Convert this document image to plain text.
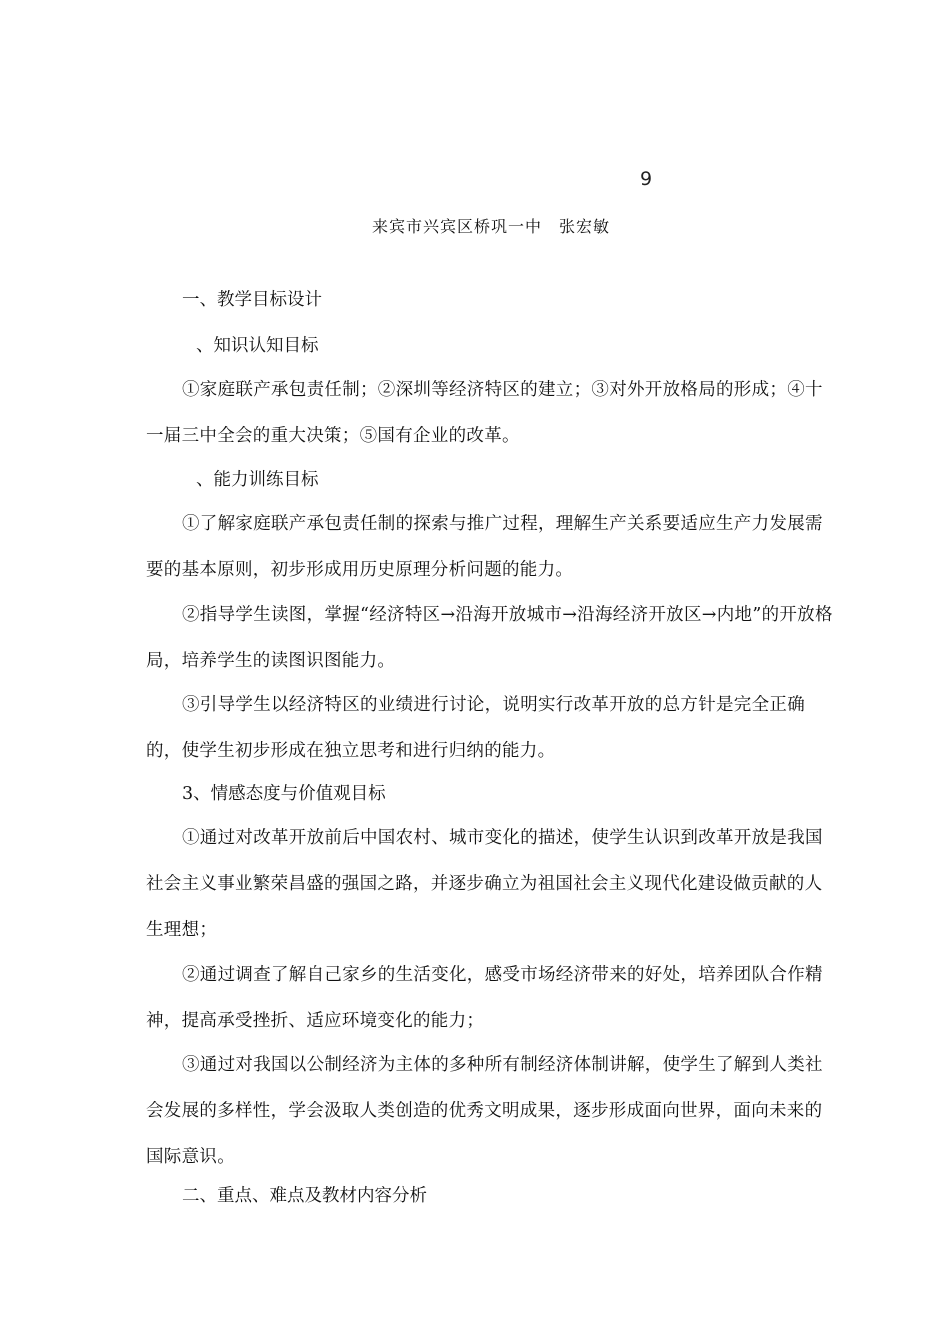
9
来宾市兴宾区桥巩一中　张宏敏
一、教学目标设计
、知识认知目标
①家庭联产承包责任制；②深圳等经济特区的建立；③对外开放格局的形成；④十一届三中全会的重大决策；⑤国有企业的改革。
、能力训练目标
①了解家庭联产承包责任制的探索与推广过程，理解生产关系要适应生产力发展需要的基本原则，初步形成用历史原理分析问题的能力。
②指导学生读图，掌握“经济特区→沿海开放城市→沿海经济开放区→内地”的开放格局，培养学生的读图识图能力。
③引导学生以经济特区的业绩进行讨论，说明实行改革开放的总方针是完全正确的，使学生初步形成在独立思考和进行归纳的能力。
3、情感态度与价值观目标
①通过对改革开放前后中国农村、城市变化的描述，使学生认识到改革开放是我国社会主义事业繁荣昌盛的强国之路，并逐步确立为祖国社会主义现代化建设做贡献的人生理想；
②通过调查了解自己家乡的生活变化，感受市场经济带来的好处，培养团队合作精神，提高承受挫折、适应环境变化的能力；
③通过对我国以公制经济为主体的多种所有制经济体制讲解，使学生了解到人类社会发展的多样性，学会汲取人类创造的优秀文明成果，逐步形成面向世界，面向未来的国际意识。
二、重点、难点及教材内容分析
